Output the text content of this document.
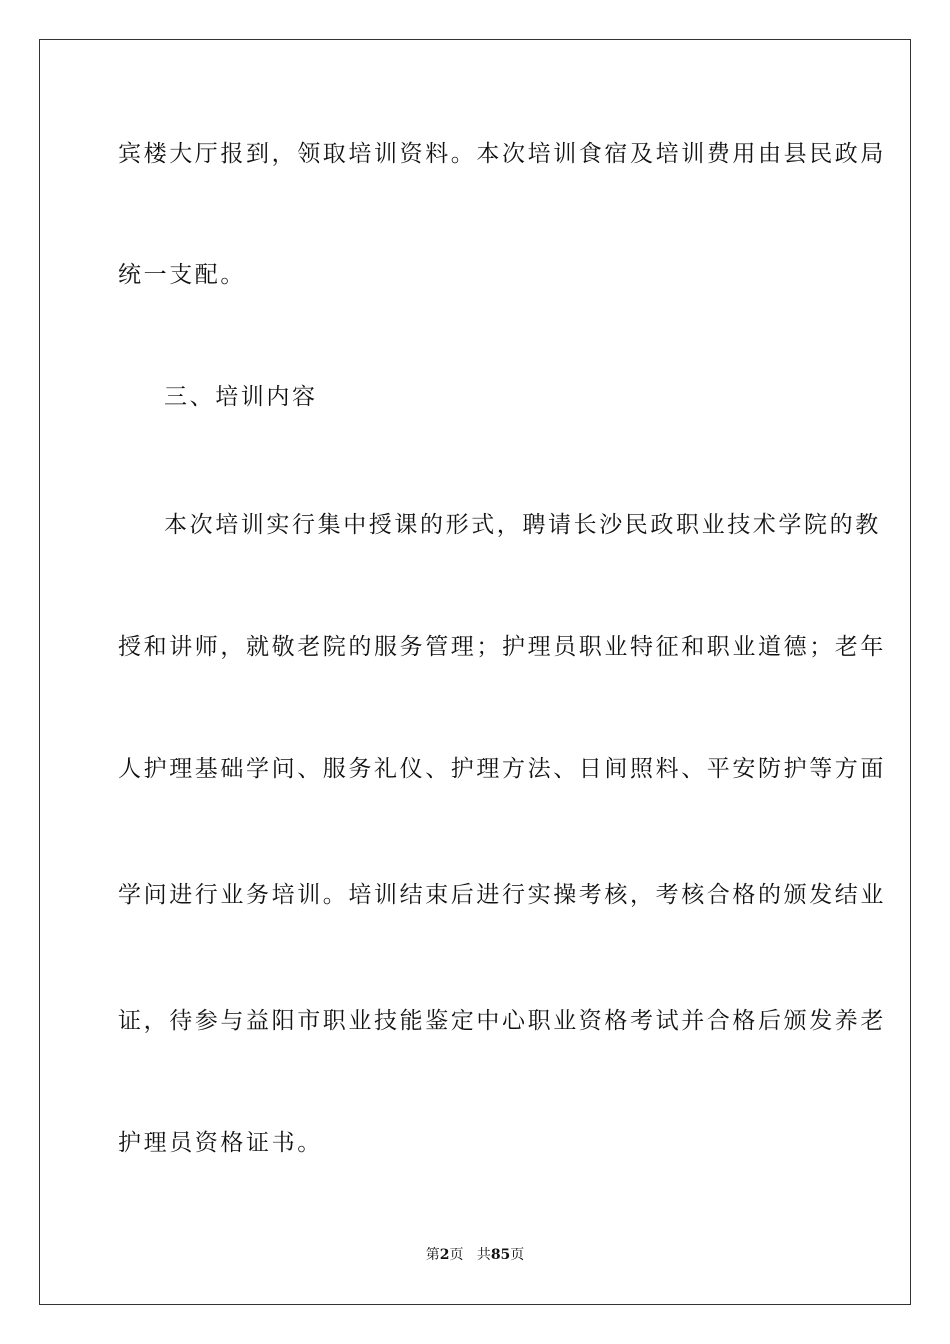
宾楼大厅报到，领取培训资料。本次培训食宿及培训费用由县民政局
统一支配。
三、培训内容
本次培训实行集中授课的形式，聘请长沙民政职业技术学院的教
授和讲师，就敬老院的服务管理；护理员职业特征和职业道德；老年
人护理基础学问、服务礼仪、护理方法、日间照料、平安防护等方面
学问进行业务培训。培训结束后进行实操考核，考核合格的颁发结业
证，待参与益阳市职业技能鉴定中心职业资格考试并合格后颁发养老
护理员资格证书。
第2页 共85页
